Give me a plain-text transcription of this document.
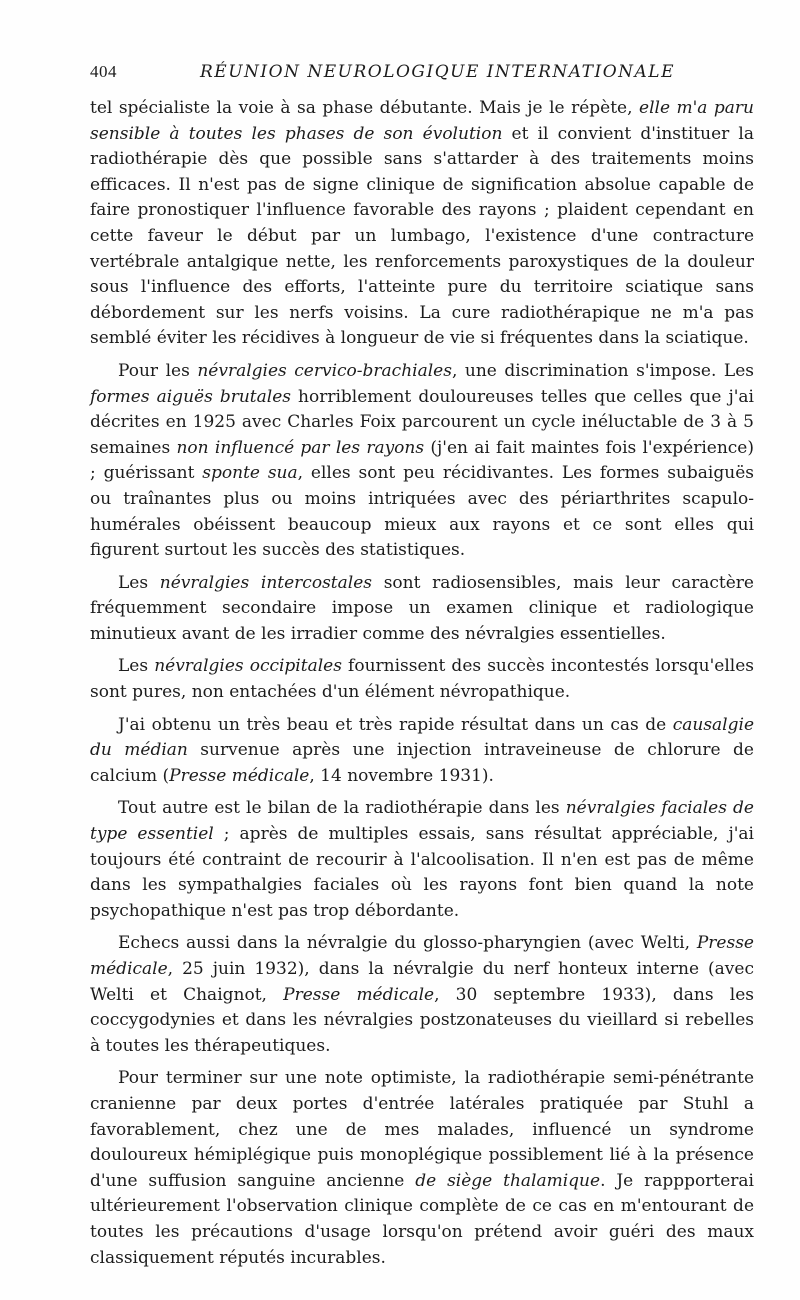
404	RÉUNION NEUROLOGIQUE INTERNATIONALE

tel spécialiste la voie à sa phase débutante. Mais je le répète, elle m'a paru sensible à toutes les phases de son évolution et il convient d'instituer la radiothérapie dès que possible sans s'attarder à des traitements moins efficaces. Il n'est pas de signe clinique de signification absolue capable de faire pronostiquer l'influence favorable des rayons ; plaident cependant en cette faveur le début par un lumbago, l'existence d'une contracture vertébrale antalgique nette, les renforcements paroxystiques de la douleur sous l'influence des efforts, l'atteinte pure du territoire sciatique sans débordement sur les nerfs voisins. La cure radiothérapique ne m'a pas semblé éviter les récidives à longueur de vie si fréquentes dans la sciatique.

Pour les névralgies cervico-brachiales, une discrimination s'impose. Les formes aiguës brutales horriblement douloureuses telles que celles que j'ai décrites en 1925 avec Charles Foix parcourent un cycle inéluctable de 3 à 5 semaines non influencé par les rayons (j'en ai fait maintes fois l'expérience) ; guérissant sponte sua, elles sont peu récidivantes. Les formes subaiguës ou traînantes plus ou moins intriquées avec des périarthrites scapulo-humérales obéissent beaucoup mieux aux rayons et ce sont elles qui figurent surtout les succès des statistiques.

Les névralgies intercostales sont radiosensibles, mais leur caractère fréquemment secondaire impose un examen clinique et radiologique minutieux avant de les irradier comme des névralgies essentielles.

Les névralgies occipitales fournissent des succès incontestés lorsqu'elles sont pures, non entachées d'un élément névropathique.

J'ai obtenu un très beau et très rapide résultat dans un cas de causalgie du médian survenue après une injection intraveineuse de chlorure de calcium (Presse médicale, 14 novembre 1931).

Tout autre est le bilan de la radiothérapie dans les névralgies faciales de type essentiel ; après de multiples essais, sans résultat appréciable, j'ai toujours été contraint de recourir à l'alcoolisation. Il n'en est pas de même dans les sympathalgies faciales où les rayons font bien quand la note psychopathique n'est pas trop débordante.

Echecs aussi dans la névralgie du glosso-pharyngien (avec Welti, Presse médicale, 25 juin 1932), dans la névralgie du nerf honteux interne (avec Welti et Chaignot, Presse médicale, 30 septembre 1933), dans les coccygodynies et dans les névralgies postzonateuses du vieillard si rebelles à toutes les thérapeutiques.

Pour terminer sur une note optimiste, la radiothérapie semi-pénétrante cranienne par deux portes d'entrée latérales pratiquée par Stuhl a favorablement, chez une de mes malades, influencé un syndrome douloureux hémiplégique puis monoplégique possiblement lié à la présence d'une suffusion sanguine ancienne de siège thalamique. Je rappporterai ultérieurement l'observation clinique complète de ce cas en m'entourant de toutes les précautions d'usage lorsqu'on prétend avoir guéri des maux classiquement réputés incurables.
